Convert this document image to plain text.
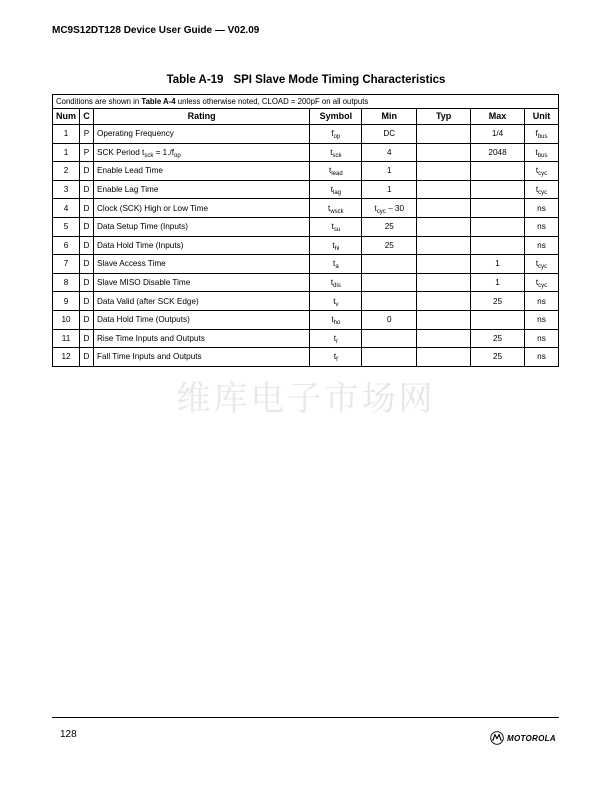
MC9S12DT128 Device User Guide — V02.09
Table A-19 SPI Slave Mode Timing Characteristics
Conditions are shown in Table A-4 unless otherwise noted, CLOAD = 200pF on all outputs							
Num	C	Rating	Symbol	Min	Typ	Max	Unit
1	P	Operating Frequency	$f_{op}$	DC		1/4	$f_{bus}$
1	P	SCK Period $t_{sck} = 1./f_{op}$	$t_{sck}$	4		2048	$t_{bus}$
2	D	Enable Lead Time	$t_{lead}$	1			$t_{cyc}$
3	D	Enable Lag Time	$t_{lag}$	1			$t_{cyc}$
4	D	Clock (SCK) High or Low Time	$t_{wsck}$	$t_{cyc} - 30$			ns
5	D	Data Setup Time (Inputs)	$t_{su}$	25			ns
6	D	Data Hold Time (Inputs)	$t_{hi}$	25			ns
7	D	Slave Access Time	$t_a$			1	$t_{cyc}$
8	D	Slave MISO Disable Time	$t_{dis}$			1	$t_{cyc}$
9	D	Data Valid (after SCK Edge)	$t_v$			25	ns
10	D	Data Hold Time (Outputs)	$t_{ho}$	0			ns
11	D	Rise Time Inputs and Outputs	$t_r$			25	ns
12	D	Fall Time Inputs and Outputs	$t_f$			25	ns
维库电子市场网
128	MOTOROLA
